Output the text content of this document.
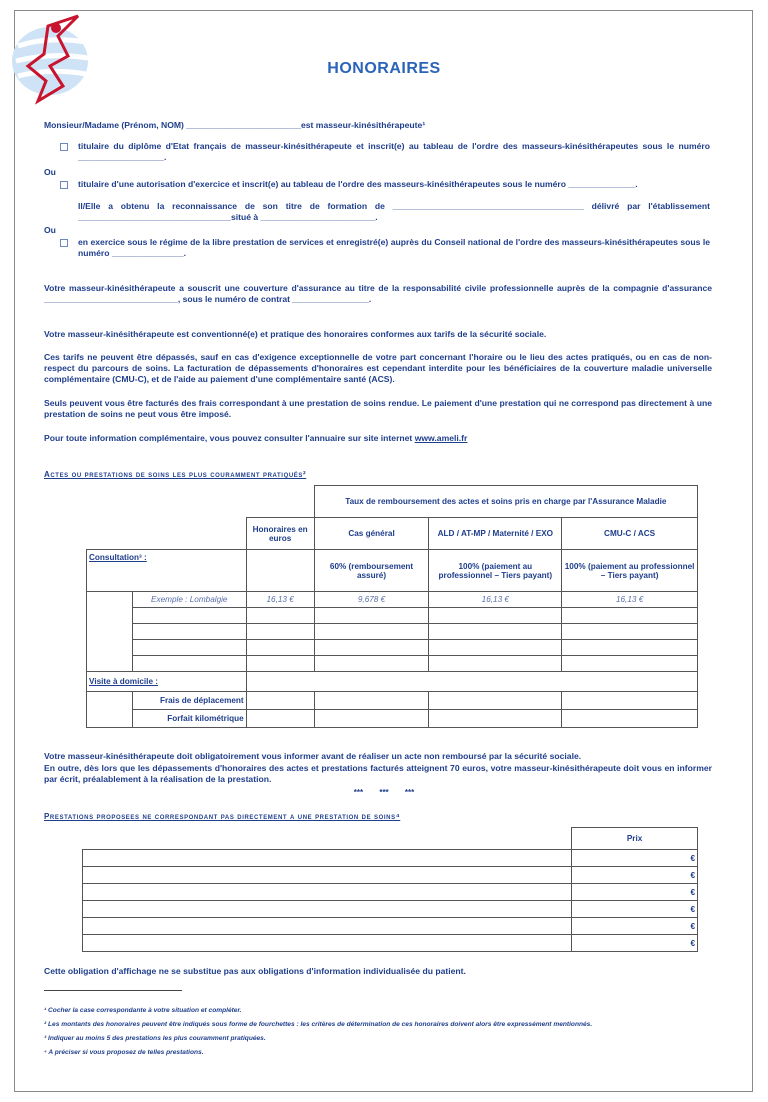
HONORAIRES
Monsieur/Madame (Prénom, NOM) ________________________est masseur-kinésithérapeute¹
titulaire du diplôme d'Etat français de masseur-kinésithérapeute et inscrit(e) au tableau de l'ordre des masseurs-kinésithérapeutes sous le numéro __________________.
Ou
titulaire d'une autorisation d'exercice et inscrit(e) au tableau de l'ordre des masseurs-kinésithérapeutes sous le numéro ______________.
Il/Elle a obtenu la reconnaissance de son titre de formation de ________________________________________ délivré par l'établissement ________________________________situé à ________________________.
Ou
en exercice sous le régime de la libre prestation de services et enregistré(e) auprès du Conseil national de l'ordre des masseurs-kinésithérapeutes sous le numéro _______________.
Votre masseur-kinésithérapeute a souscrit une couverture d'assurance au titre de la responsabilité civile professionnelle auprès de la compagnie d'assurance ____________________________, sous le numéro de contrat ________________.
Votre masseur-kinésithérapeute est conventionné(e) et pratique des honoraires conformes aux tarifs de la sécurité sociale.
Ces tarifs ne peuvent être dépassés, sauf en cas d'exigence exceptionnelle de votre part concernant l'horaire ou le lieu des actes pratiqués, ou en cas de non-respect du parcours de soins. La facturation de dépassements d'honoraires est cependant interdite pour les bénéficiaires de la couverture maladie universelle complémentaire (CMU-C), et de l'aide au paiement d'une complémentaire santé (ACS).
Seuls peuvent vous être facturés des frais correspondant à une prestation de soins rendue. Le paiement d'une prestation qui ne correspond pas directement à une prestation de soins ne peut vous être imposé.
Pour toute information complémentaire, vous pouvez consulter l'annuaire sur site internet www.ameli.fr
Actes ou prestations de soins les plus couramment pratiqués²
			Taux de remboursement des actes et soins pris en charge par l'Assurance Maladie		
		Honoraires en euros	Cas général	ALD / AT-MP / Maternité / EXO	CMU-C / ACS
Consultation³ :			60% (remboursement assuré)	100% (paiement au professionnel – Tiers payant)	100% (paiement au professionnel – Tiers payant)
	Exemple : Lombalgie	16,13 €	9,678 €	16,13 €	16,13 €

Visite à domicile :					
	Frais de déplacement				
	Forfait kilométrique				
Votre masseur-kinésithérapeute doit obligatoirement vous informer avant de réaliser un acte non remboursé par la sécurité sociale.
En outre, dès lors que les dépassements d'honoraires des actes et prestations facturés atteignent 70 euros, votre masseur-kinésithérapeute doit vous en informer par écrit, préalablement à la réalisation de la prestation.
*** *** ***
Prestations proposees ne correspondant pas directement a une prestation de soins⁴
	Prix
	€
	€
	€
	€
	€
	€
Cette obligation d'affichage ne se substitue pas aux obligations d'information individualisée du patient.
¹ Cocher la case correspondante à votre situation et compléter.
² Les montants des honoraires peuvent être indiqués sous forme de fourchettes : les critères de détermination de ces honoraires doivent alors être expressément mentionnés.
³ Indiquer au moins 5 des prestations les plus couramment pratiquées.
⁴ A préciser si vous proposez de telles prestations.
